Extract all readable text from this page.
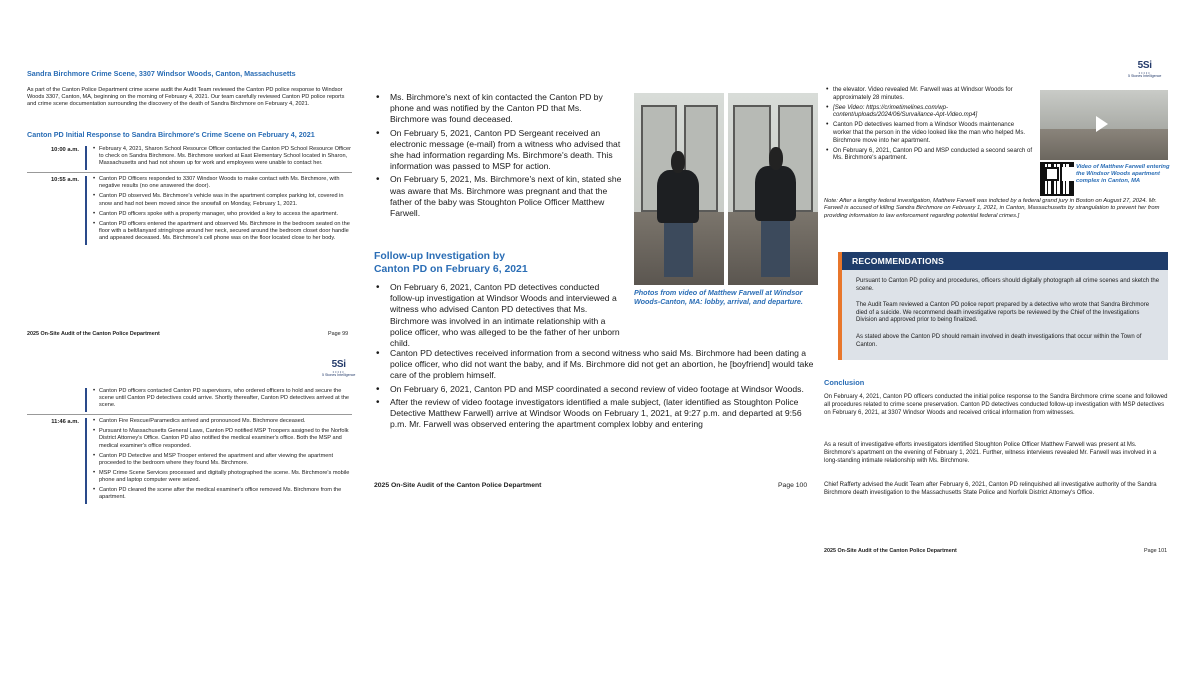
Sandra Birchmore Crime Scene, 3307 Windsor Woods, Canton, Massachusetts
As part of the Canton Police Department crime scene audit the Audit Team reviewed the Canton PD police response to Windsor Woods 3307, Canton, MA, beginning on the morning of February 4, 2021. Our team carefully reviewed Canton PD police reports and crime scene documentation surrounding the discovery of the death of Sandra Birchmore on February 4, 2021.
Canton PD Initial Response to Sandra Birchmore's Crime Scene on February 4, 2021
10:00 a.m.	• February 4, 2021, Sharon School Resource Officer contacted the Canton PD School Resource Officer to check on Sandra Birchmore. Ms. Birchmore worked at East Elementary School located in Sharon, Massachusetts and had not shown up for work and employees were unable to contact her.
10:55 a.m.	• Canton PD Officers responded to 3307 Windsor Woods to make contact with Ms. Birchmore, with negative results (no one answered the door).
• Canton PD observed Ms. Birchmore's vehicle was in the apartment complex parking lot, covered in snow and had not been moved since the snowfall on Monday, February 1, 2021.
• Canton PD officers spoke with a property manager, who provided a key to access the apartment.
• Canton PD officers entered the apartment and observed Ms. Birchmore in the bedroom seated on the floor with a belt/lanyard string/rope around her neck, secured around the bedroom closet door handle and appeared deceased. Ms. Birchmore's cell phone was on the floor located close to her body.
2025 On-Site Audit of the Canton Police Department	Page 99
5Si
•••••
5 Stones Intelligence
• Canton PD officers contacted Canton PD supervisors, who ordered officers to hold and secure the scene until Canton PD detectives could arrive. Shortly thereafter, Canton PD detectives arrived at the scene.
11:46 a.m.	• Canton Fire Rescue/Paramedics arrived and pronounced Ms. Birchmore deceased.
• Pursuant to Massachusetts General Laws, Canton PD notified MSP Troopers assigned to the Norfolk District Attorney's Office. Canton PD also notified the medical examiner's office. Both the MSP and medical examiner's office responded.
• Canton PD Detective and MSP Trooper entered the apartment and after viewing the apartment proceeded to the bedroom where they found Ms. Birchmore.
• MSP Crime Scene Services processed and digitally photographed the scene. Ms. Birchmore's mobile phone and laptop computer were seized.
• Canton PD cleared the scene after the medical examiner's office removed Ms. Birchmore from the apartment.
• Ms. Birchmore's next of kin contacted the Canton PD by phone and was notified by the Canton PD that Ms. Birchmore was found deceased.
• On February 5, 2021, Canton PD Sergeant received an electronic message (e-mail) from a witness who advised that she had information regarding Ms. Birchmore's death. This information was passed to MSP for action.
• On February 5, 2021, Ms. Birchmore's next of kin, stated she was aware that Ms. Birchmore was pregnant and that the father of the baby was Stoughton Police Officer Matthew Farwell.
Photos from video of Matthew Farwell at Windsor Woods-Canton, MA: lobby, arrival, and departure.
Follow-up Investigation by
Canton PD on February 6, 2021
• On February 6, 2021, Canton PD detectives conducted follow-up investigation at Windsor Woods and interviewed a witness who advised Canton PD detectives that Ms. Birchmore was involved in an intimate relationship with a police officer, who was alleged to be the father of her unborn child.
• Canton PD detectives received information from a second witness who said Ms. Birchmore had been dating a police officer, who did not want the baby, and if Ms. Birchmore did not get an abortion, he [boyfriend] would take care of the problem himself.
• On February 6, 2021, Canton PD and MSP coordinated a second review of video footage at Windsor Woods.
• After the review of video footage investigators identified a male subject, (later identified as Stoughton Police Detective Matthew Farwell) arrive at Windsor Woods on February 1, 2021, at 9:27 p.m. and departed at 9:56 p.m. Mr. Farwell was observed entering the apartment complex lobby and entering
2025 On-Site Audit of the Canton Police Department	Page 100
5Si
•••••
5 Stones Intelligence
• the elevator. Video revealed Mr. Farwell was at Windsor Woods for approximately 28 minutes.
• [See Video: https://crimetimelines.com/wp-content/uploads/2024/06/Survailance-Apt-Video.mp4]
• Canton PD detectives learned from a Windsor Woods maintenance worker that the person in the video looked like the man who helped Ms. Birchmore move into her apartment.
• On February 6, 2021, Canton PD and MSP conducted a second search of Ms. Birchmore's apartment.
Video of Matthew Farwell entering the Windsor Woods apartment complex in Canton, MA
Note: After a lengthy federal investigation, Matthew Farwell was indicted by a federal grand jury in Boston on August 27, 2024. Mr. Farwell is accused of killing Sandra Birchmore on February 1, 2021, in Canton, Massachusetts by strangulation to prevent her from providing information to law enforcement regarding potential federal crimes.]
RECOMMENDATIONS

Pursuant to Canton PD policy and procedures, officers should digitally photograph all crime scenes and sketch the scene.

The Audit Team reviewed a Canton PD police report prepared by a detective who wrote that Sandra Birchmore died of a suicide. We recommend death investigative reports be reviewed by the Chief of the Investigations Division and approved prior to being finalized.

As stated above the Canton PD should remain involved in death investigations that occur within the Town of Canton.

Conclusion
On February 4, 2021, Canton PD officers conducted the initial police response to the Sandra Birchmore crime scene and followed all procedures related to crime scene preservation. Canton PD detectives conducted follow-up investigation with MSP detectives on February 6, 2021, at 3307 Windsor Woods and received critical information from witnesses.
As a result of investigative efforts investigators identified Stoughton Police Officer Matthew Farwell was present at Ms. Birchmore's apartment on the evening of February 1, 2021. Further, witness interviews revealed Mr. Farwell was involved in a long-standing intimate relationship with Ms. Birchmore.
Chief Rafferty advised the Audit Team after February 6, 2021, Canton PD relinquished all investigative authority of the Sandra Birchmore death investigation to the Massachusetts State Police and Norfolk District Attorney's Office.
2025 On-Site Audit of the Canton Police Department	Page 101
